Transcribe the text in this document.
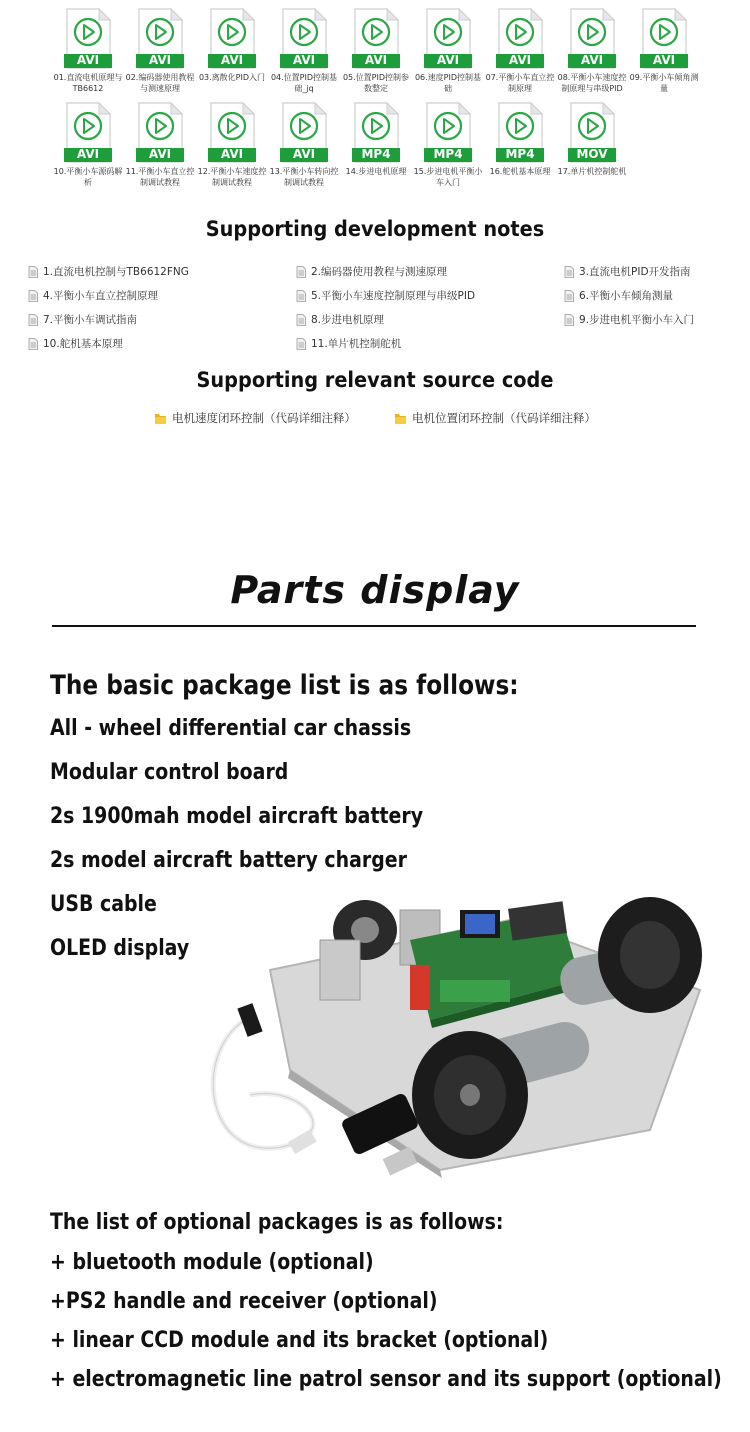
AVI
01.直流电机原理与TB6612
AVI
02.编码器使用教程与测速原理
AVI
03.离散化PID入门
AVI
04.位置PID控制基础_jq
AVI
05.位置PID控制参数整定
AVI
06.速度PID控制基础
AVI
07.平衡小车直立控制原理
AVI
08.平衡小车速度控制原理与串级PID
AVI
09.平衡小车倾角测量
AVI
10.平衡小车源码解析
AVI
11.平衡小车直立控制调试教程
AVI
12.平衡小车速度控制调试教程
AVI
13.平衡小车转向控制调试教程
MP4
14.步进电机原理
MP4
15.步进电机平衡小车入门
MP4
16.舵机基本原理
MOV
17.单片机控制舵机
Supporting development notes
1.直流电机控制与TB6612FNG	2.编码器使用教程与测速原理	3.直流电机PID开发指南
4.平衡小车直立控制原理	5.平衡小车速度控制原理与串级PID	6.平衡小车倾角测量
7.平衡小车调试指南	8.步进电机原理	9.步进电机平衡小车入门
10.舵机基本原理	11.单片机控制舵机
Supporting relevant source code
电机速度闭环控制（代码详细注释）	电机位置闭环控制（代码详细注释）
Parts display
The basic package list is as follows:
All - wheel differential car chassis
Modular control board
2s 1900mah model aircraft battery
2s model aircraft battery charger
USB cable
OLED display
The list of optional packages is as follows:
+ bluetooth module (optional)
+PS2 handle and receiver (optional)
+ linear CCD module and its bracket (optional)
+ electromagnetic line patrol sensor and its support (optional)
